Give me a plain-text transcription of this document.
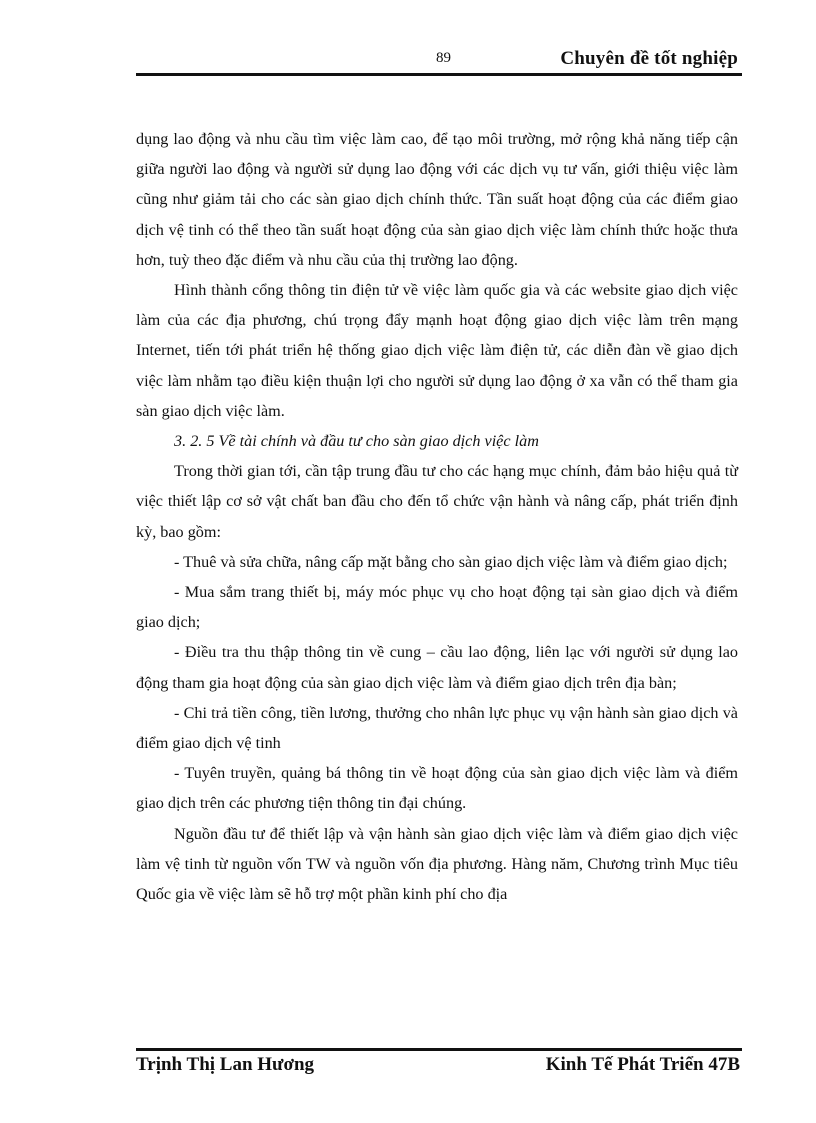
89	Chuyên đề tốt nghiệp

dụng lao động và nhu cầu tìm việc làm cao, để tạo môi trường, mở rộng khả năng tiếp cận giữa người lao động và người sử dụng lao động với các dịch vụ tư vấn, giới thiệu việc làm cũng như giảm tải cho các sàn giao dịch chính thức. Tần suất hoạt động của các điểm giao dịch vệ tinh có thể theo tần suất hoạt động của sàn giao dịch việc làm chính thức hoặc thưa hơn, tuỳ theo đặc điểm và nhu cầu của thị trường lao động.

Hình thành cổng thông tin điện tử về việc làm quốc gia và các website giao dịch việc làm của các địa phương, chú trọng đẩy mạnh hoạt động giao dịch việc làm trên mạng Internet, tiến tới phát triển hệ thống giao dịch việc làm điện tử, các diễn đàn về giao dịch việc làm nhằm tạo điều kiện thuận lợi cho người sử dụng lao động ở xa vẫn có thể tham gia sàn giao dịch việc làm.

3. 2. 5 Về tài chính và đầu tư cho sàn giao dịch việc làm

Trong thời gian tới, cần tập trung đầu tư cho các hạng mục chính, đảm bảo hiệu quả từ việc thiết lập cơ sở vật chất ban đầu cho đến tổ chức vận hành và nâng cấp, phát triển định kỳ, bao gồm:

- Thuê và sửa chữa, nâng cấp mặt bằng cho sàn giao dịch việc làm và điểm giao dịch;

- Mua sắm trang thiết bị, máy móc phục vụ cho hoạt động tại sàn giao dịch và điểm giao dịch;

- Điều tra thu thập thông tin về cung – cầu lao động, liên lạc với người sử dụng lao động tham gia hoạt động của sàn giao dịch việc làm và điểm giao dịch trên địa bàn;

- Chi trả tiền công, tiền lương, thưởng cho nhân lực phục vụ vận hành sàn giao dịch và điểm giao dịch vệ tinh

- Tuyên truyền, quảng bá thông tin về hoạt động của sàn giao dịch việc làm và điểm giao dịch trên các phương tiện thông tin đại chúng.

Nguồn đầu tư để thiết lập và vận hành sàn giao dịch việc làm và điểm giao dịch việc làm vệ tinh từ nguồn vốn TW và nguồn vốn địa phương. Hàng năm, Chương trình Mục tiêu Quốc gia về việc làm sẽ hỗ trợ một phần kinh phí cho địa

Trịnh Thị Lan Hương	Kinh Tế Phát Triển 47B
